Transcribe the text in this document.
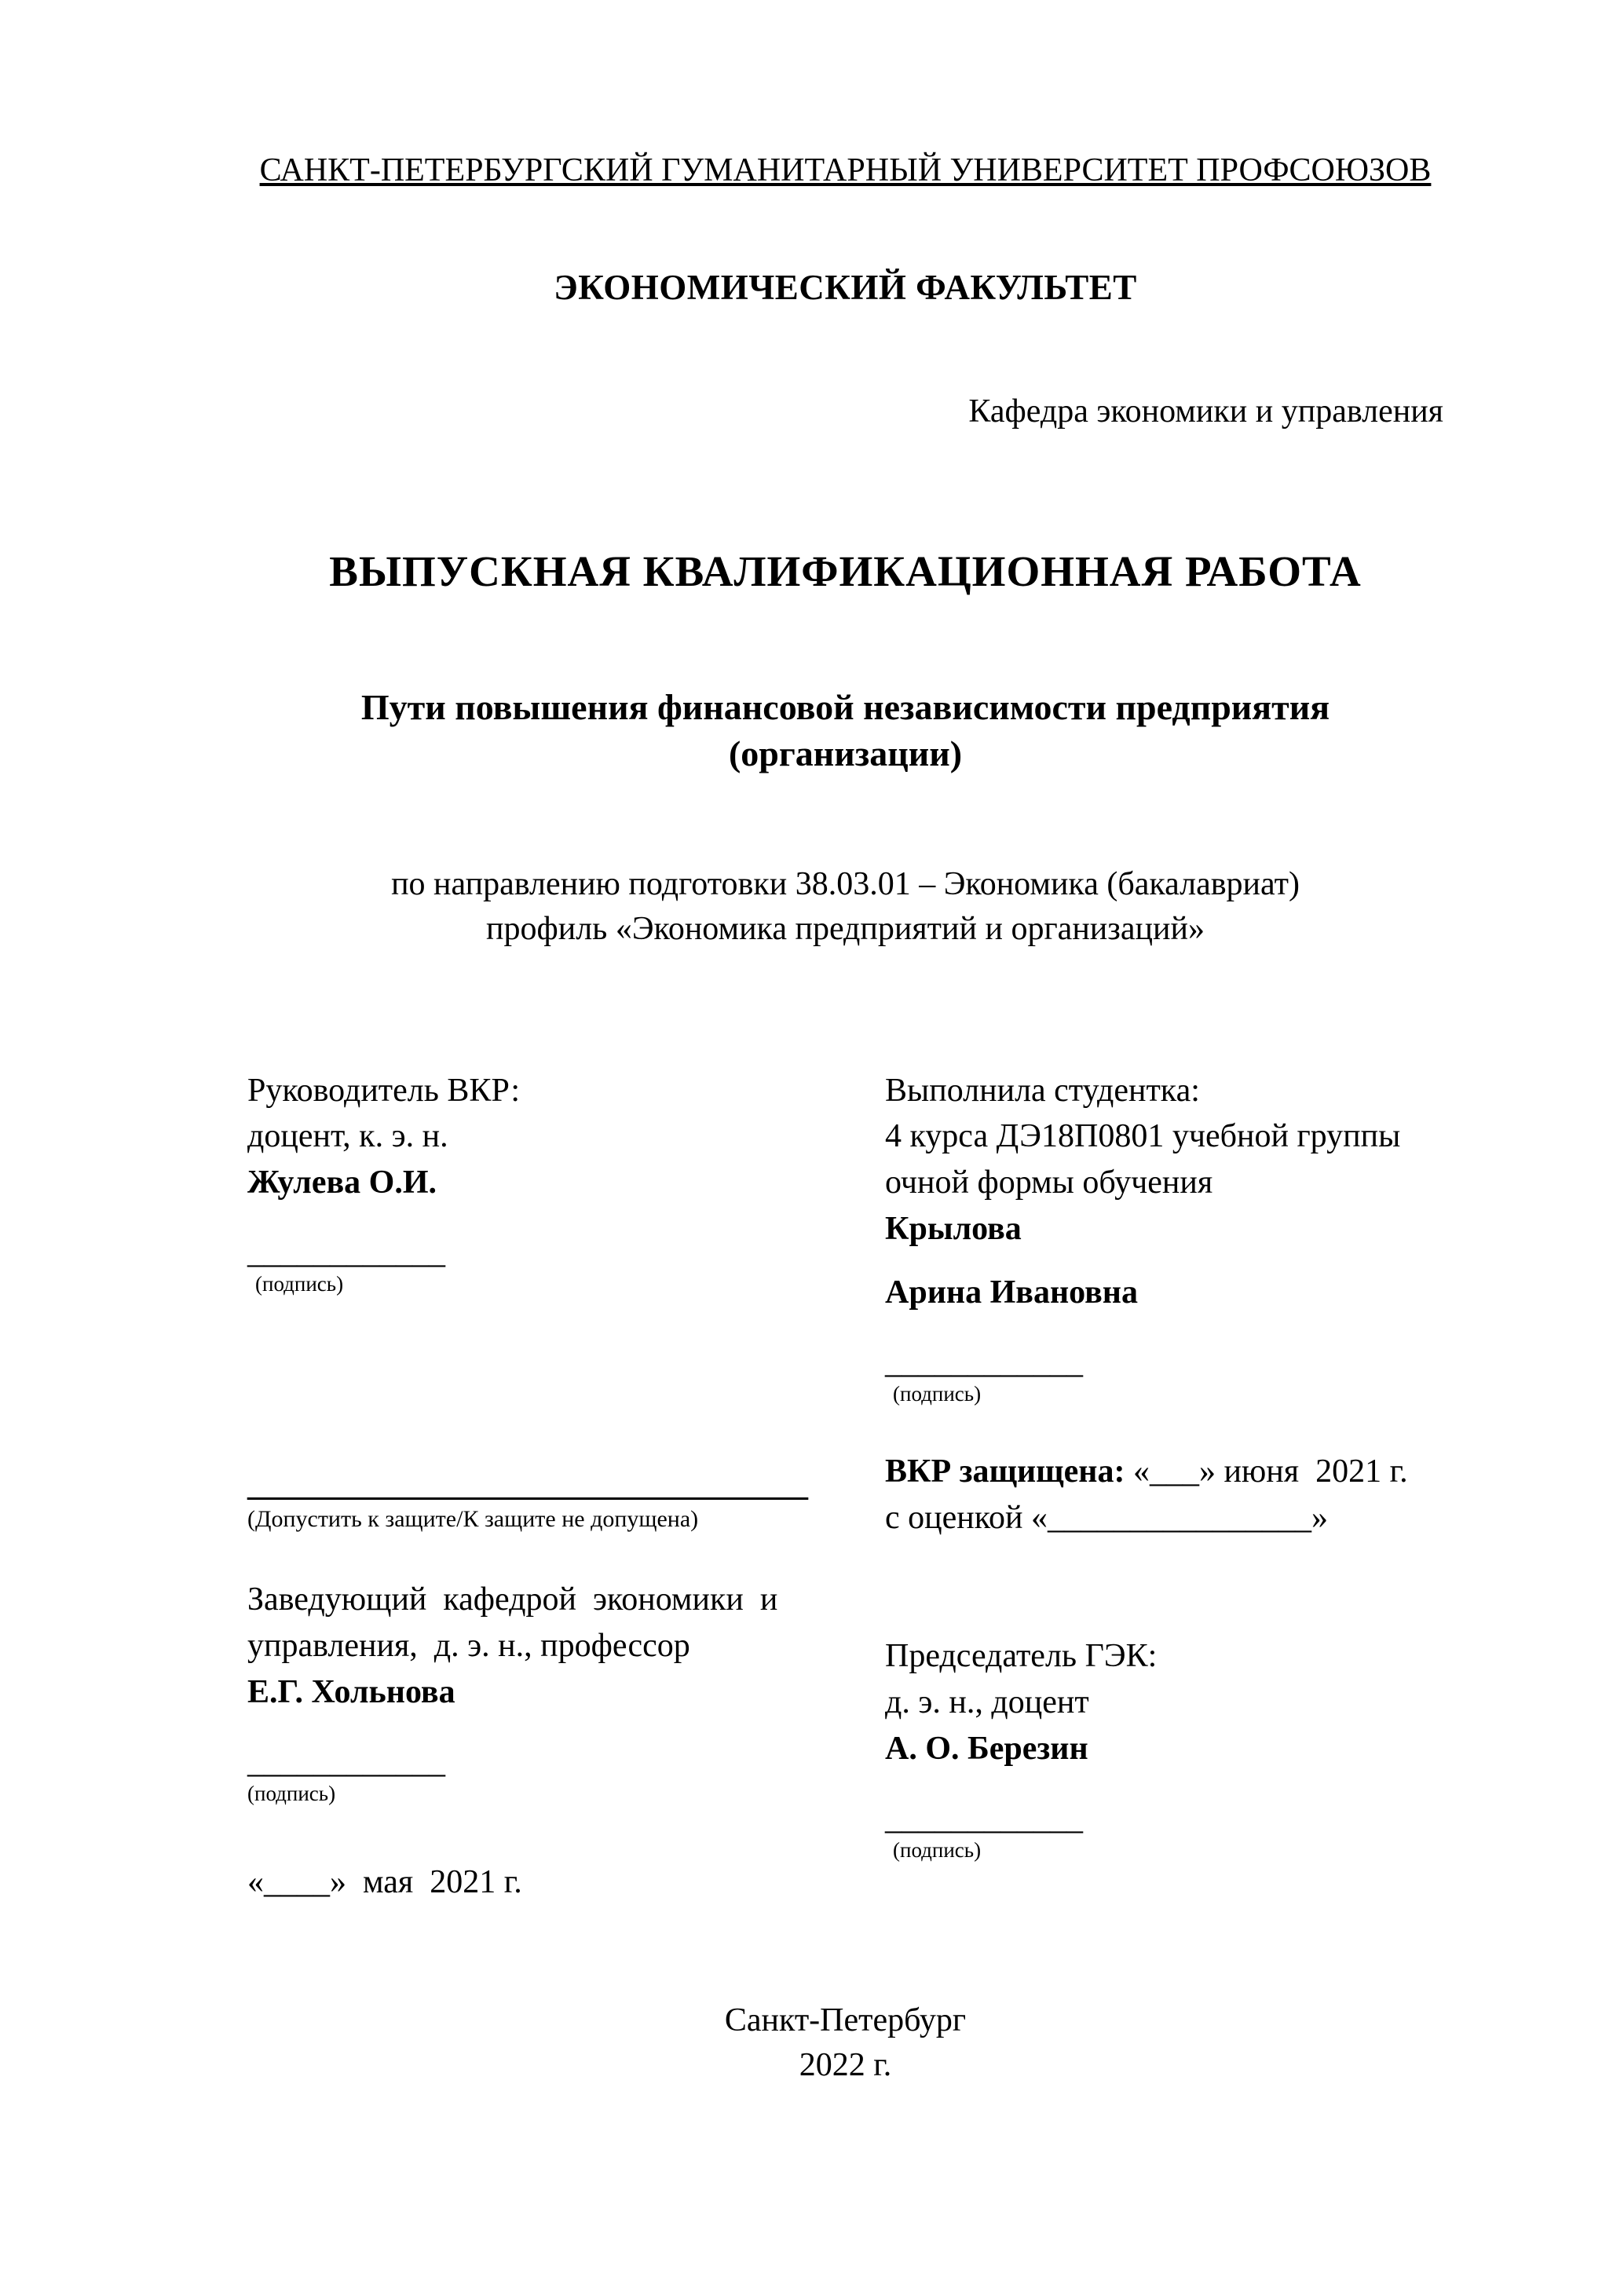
САНКТ-ПЕТЕРБУРГСКИЙ ГУМАНИТАРНЫЙ УНИВЕРСИТЕТ ПРОФСОЮЗОВ
ЭКОНОМИЧЕСКИЙ ФАКУЛЬТЕТ
Кафедра экономики и управления
ВЫПУСКНАЯ КВАЛИФИКАЦИОННАЯ РАБОТА
Пути повышения финансовой независимости предприятия
(организации)
по направлению подготовки 38.03.01 – Экономика (бакалавриат)
профиль «Экономика предприятий и организаций»
Руководитель ВКР:
доцент, к. э. н.
Жулева О.И.
____________
(подпись)
__________________________________
(Допустить к защите/К защите не допущена)
Заведующий  кафедрой  экономики  и
управления,  д. э. н., профессор
Е.Г. Хольнова
____________
(подпись)
«____»  мая  2021 г.
Выполнила студентка:
4 курса ДЭ18П0801 учебной группы
очной формы обучения
Крылова
Арина Ивановна
____________
(подпись)
ВКР защищена: «___» июня  2021 г.
с оценкой «________________»
Председатель ГЭК:
д. э. н., доцент
А. О. Березин
____________
(подпись)
Санкт-Петербург
2022 г.
